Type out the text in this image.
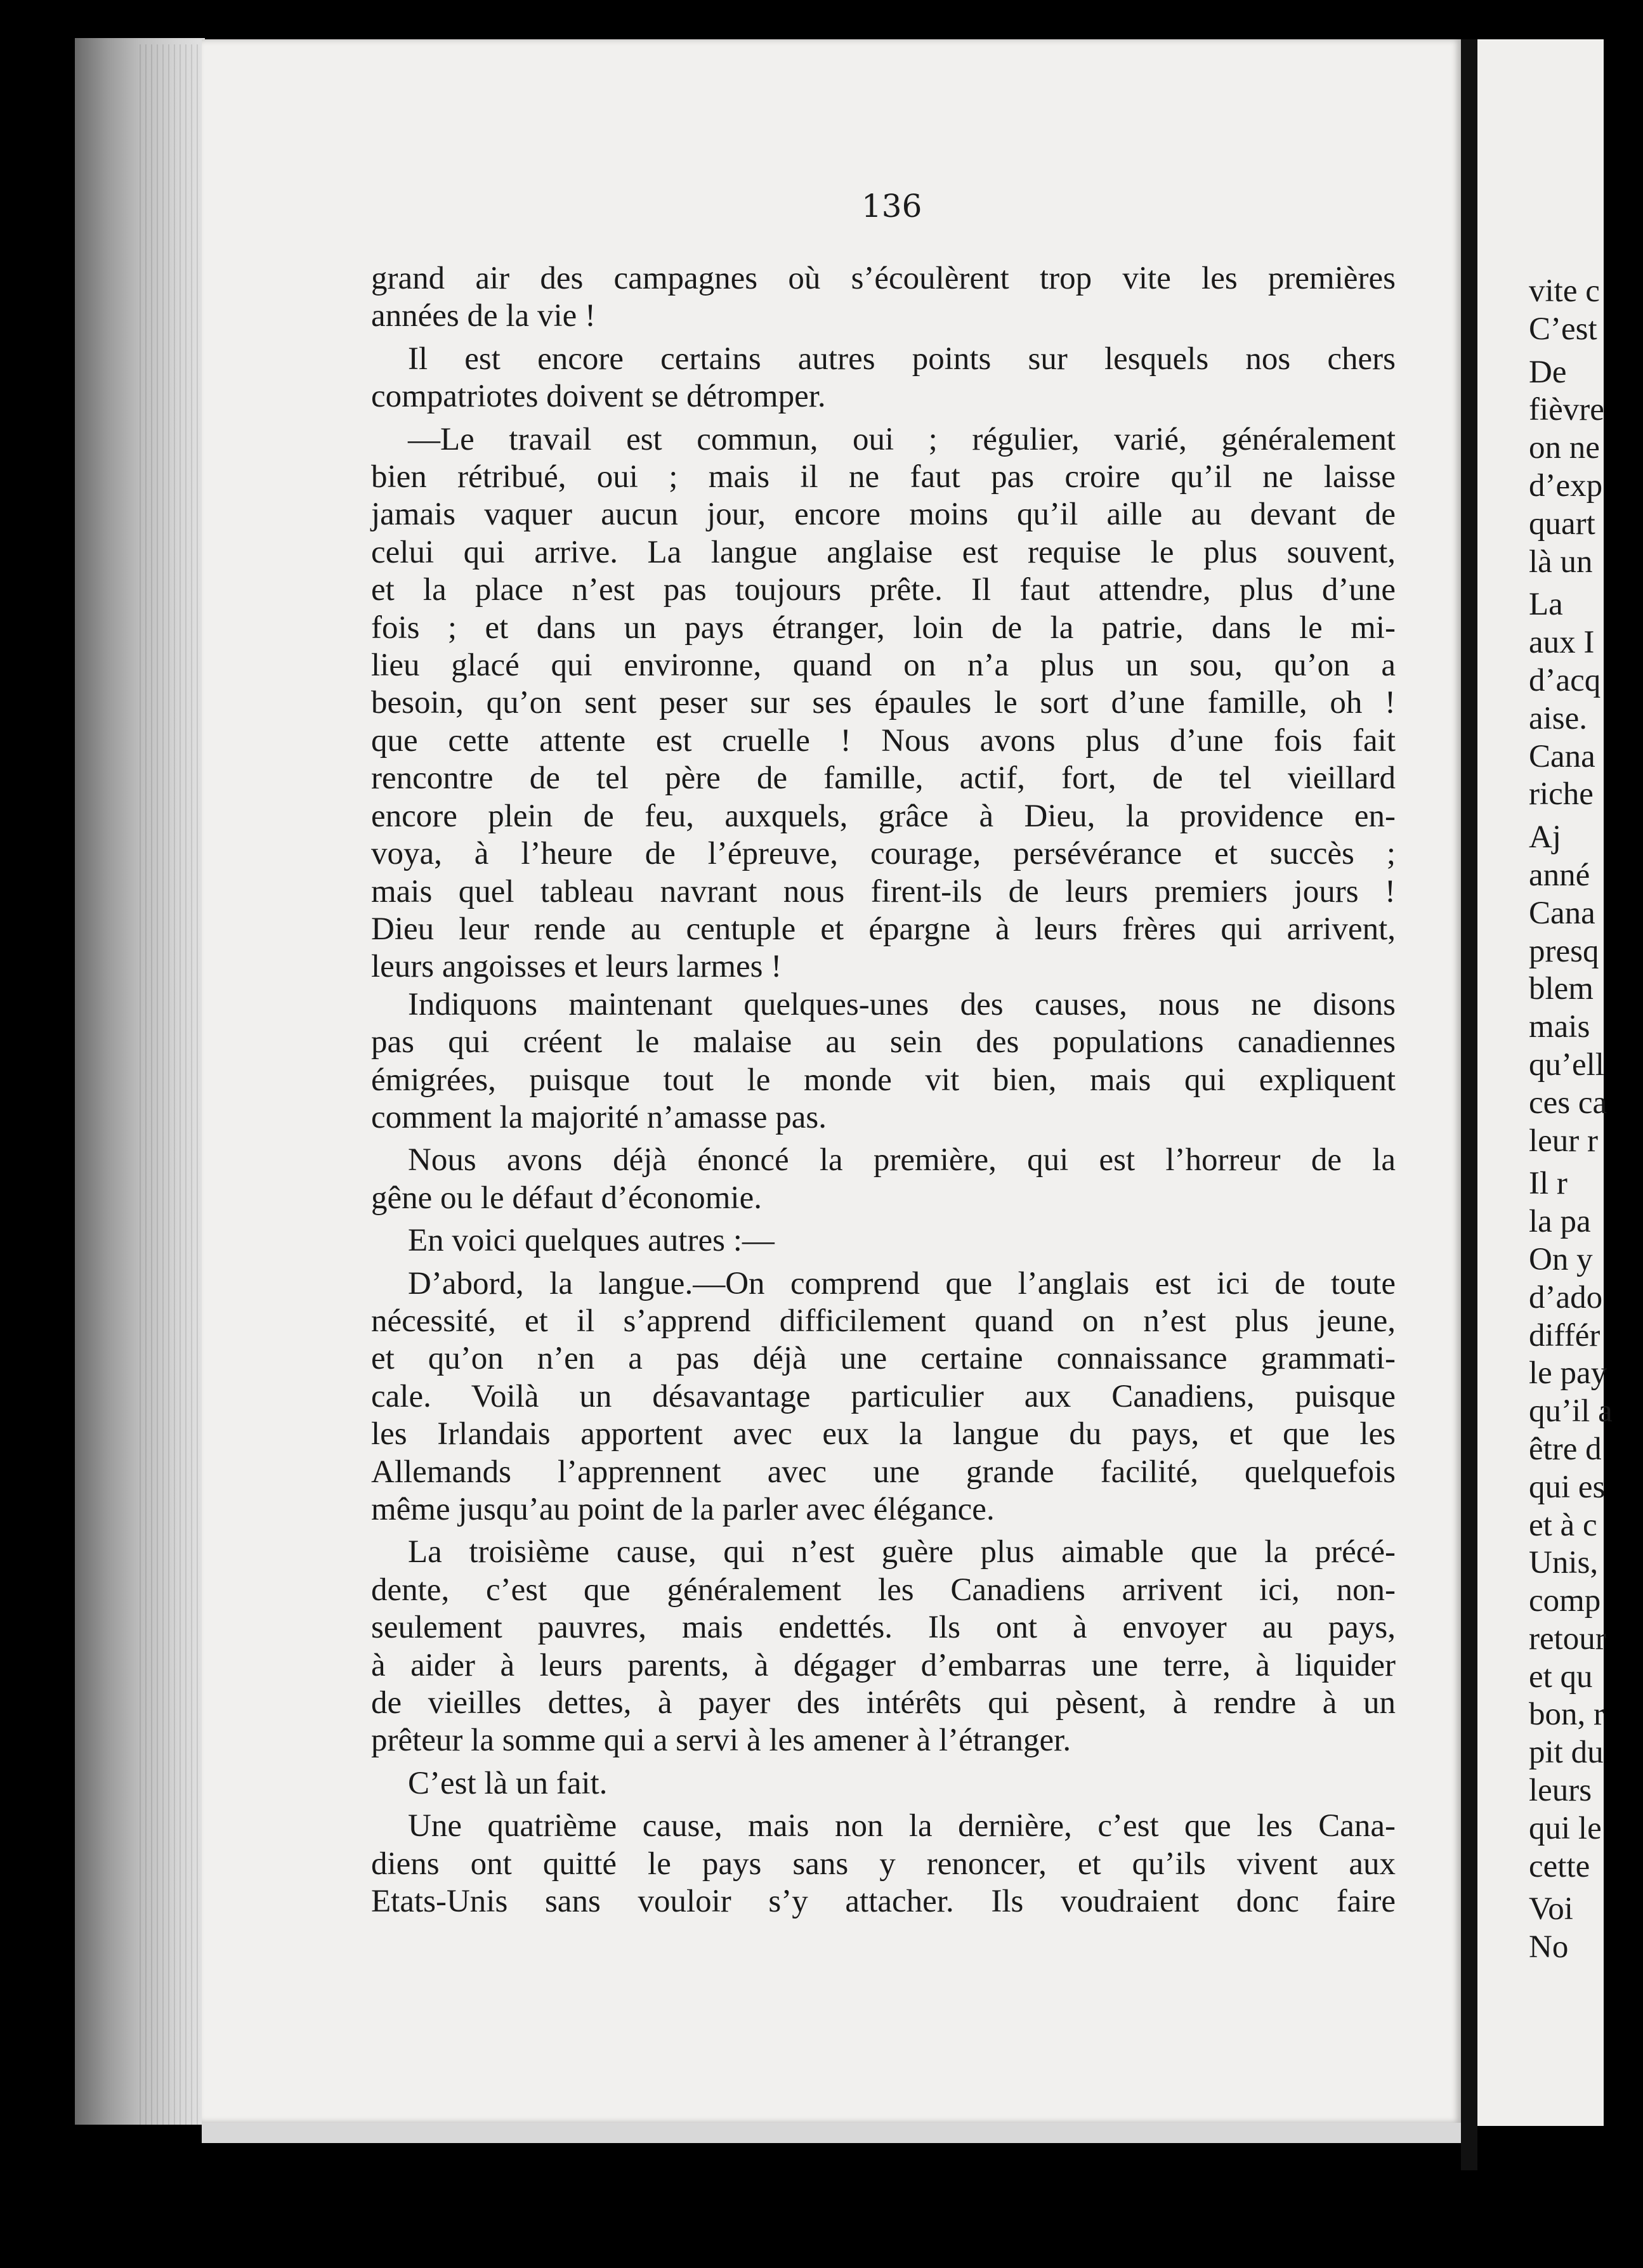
136
grand air des campagnes où s’écoulèrent trop vite les premières
années de la vie !
Il est encore certains autres points sur lesquels nos chers
compatriotes doivent se détromper.
—Le travail est commun, oui ; régulier, varié, généralement
bien rétribué, oui ; mais il ne faut pas croire qu’il ne laisse
jamais vaquer aucun jour, encore moins qu’il aille au devant de
celui qui arrive. La langue anglaise est requise le plus souvent,
et la place n’est pas toujours prête. Il faut attendre, plus d’une
fois ; et dans un pays étranger, loin de la patrie, dans le mi-
lieu glacé qui environne, quand on n’a plus un sou, qu’on a
besoin, qu’on sent peser sur ses épaules le sort d’une famille, oh !
que cette attente est cruelle ! Nous avons plus d’une fois fait
rencontre de tel père de famille, actif, fort, de tel vieillard
encore plein de feu, auxquels, grâce à Dieu, la providence en-
voya, à l’heure de l’épreuve, courage, persévérance et succès ;
mais quel tableau navrant nous firent-ils de leurs premiers jours !
Dieu leur rende au centuple et épargne à leurs frères qui arrivent,
leurs angoisses et leurs larmes !
Indiquons maintenant quelques-unes des causes, nous ne disons
pas qui créent le malaise au sein des populations canadiennes
émigrées, puisque tout le monde vit bien, mais qui expliquent
comment la majorité n’amasse pas.
Nous avons déjà énoncé la première, qui est l’horreur de la
gêne ou le défaut d’économie.
En voici quelques autres :—
D’abord, la langue.—On comprend que l’anglais est ici de toute
nécessité, et il s’apprend difficilement quand on n’est plus jeune,
et qu’on n’en a pas déjà une certaine connaissance grammati-
cale. Voilà un désavantage particulier aux Canadiens, puisque
les Irlandais apportent avec eux la langue du pays, et que les
Allemands l’apprennent avec une grande facilité, quelquefois
même jusqu’au point de la parler avec élégance.
La troisième cause, qui n’est guère plus aimable que la précé-
dente, c’est que généralement les Canadiens arrivent ici, non-
seulement pauvres, mais endettés. Ils ont à envoyer au pays,
à aider à leurs parents, à dégager d’embarras une terre, à liquider
de vieilles dettes, à payer des intérêts qui pèsent, à rendre à un
prêteur la somme qui a servi à les amener à l’étranger.
C’est là un fait.
Une quatrième cause, mais non la dernière, c’est que les Cana-
diens ont quitté le pays sans y renoncer, et qu’ils vivent aux
Etats-Unis sans vouloir s’y attacher. Ils voudraient donc faire
vite c
C’est
De
fièvre
on ne
d’exp
quart
là un
La
aux I
d’acq
aise.
Cana
riche
Aj
anné
Cana
presq
blem
mais
qu’ell
ces ca
leur r
Il r
la pa
On y
d’ado
différ
le pay
qu’il a
être d
qui es
et à c
Unis,
comp
retour
et qu
bon, r
pit du
leurs
qui le
cette
Voi
No
